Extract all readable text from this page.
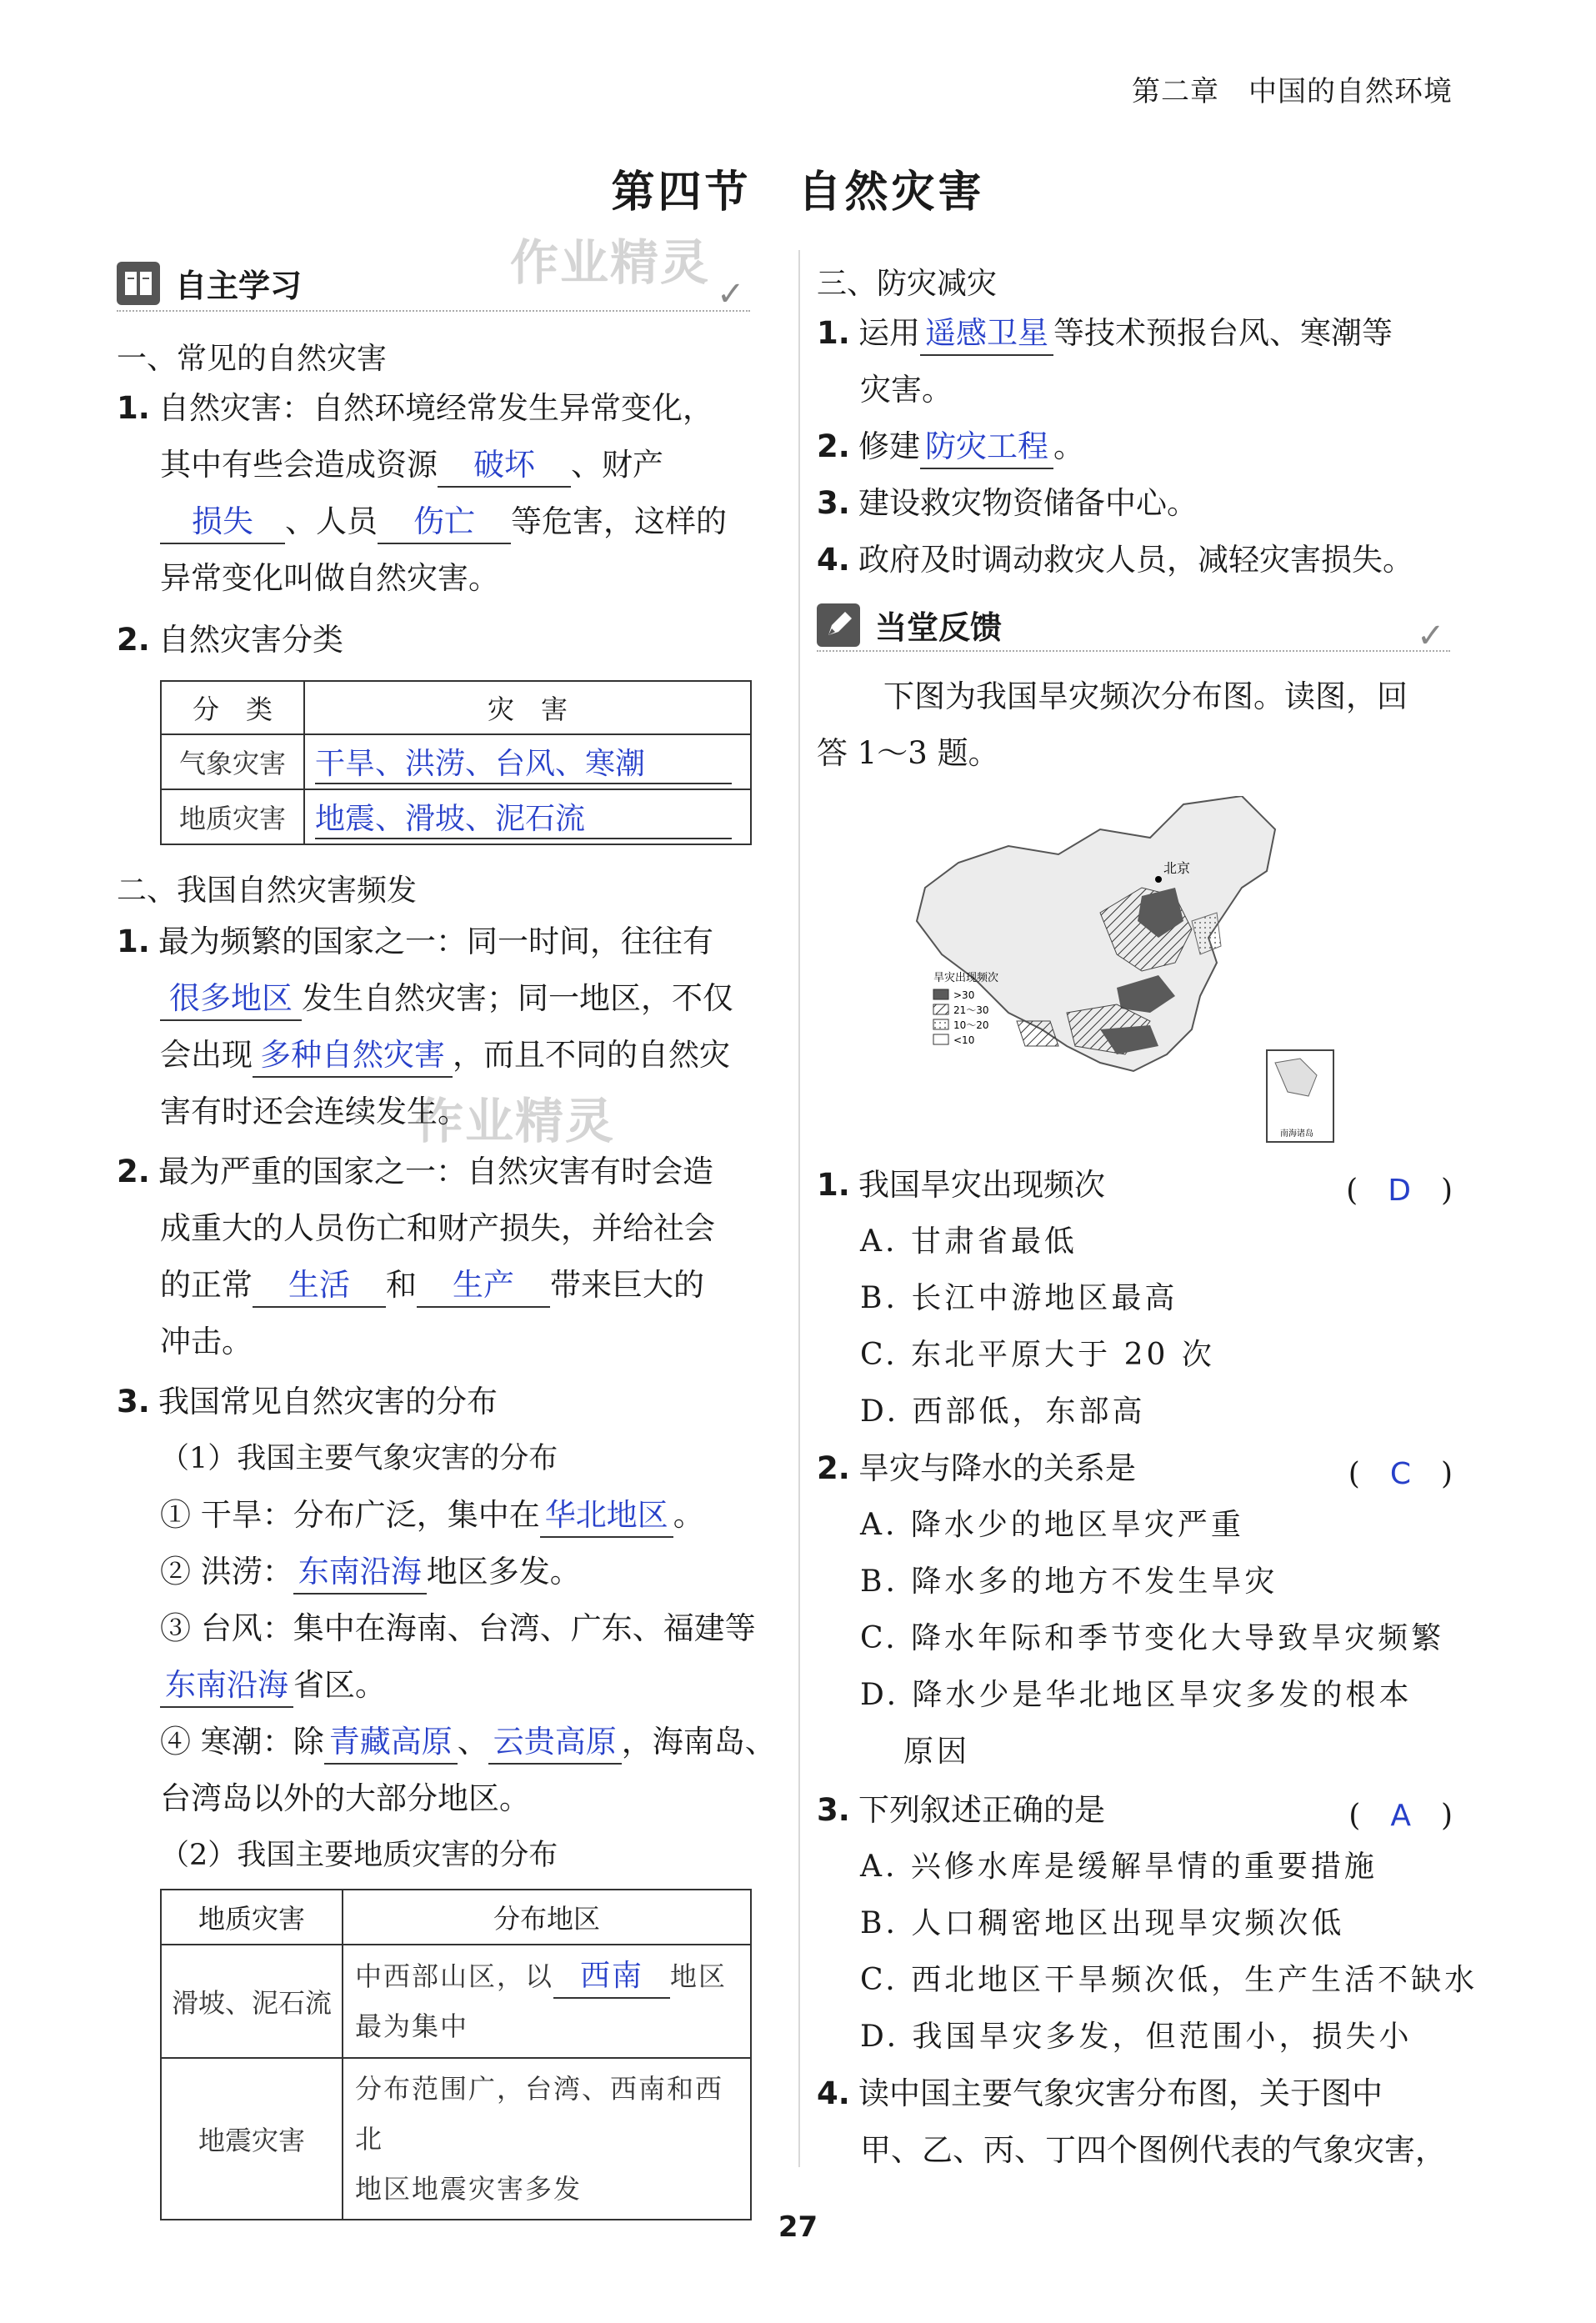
第二章　中国的自然环境
第四节　自然灾害
作业精灵
作业精灵
自主学习	✓
一、常见的自然灾害
1. 自然灾害：自然环境经常发生异常变化，
其中有些会造成资源 破坏 、财产
损失 、人员 伤亡 等危害，这样的
异常变化叫做自然灾害。
2. 自然灾害分类
分　类	灾　害
气象灾害	干旱、洪涝、台风、寒潮
地质灾害	地震、滑坡、泥石流
二、我国自然灾害频发
1. 最为频繁的国家之一：同一时间，往往有
很多地区 发生自然灾害；同一地区，不仅
会出现 多种自然灾害 ，而且不同的自然灾
害有时还会连续发生。
2. 最为严重的国家之一：自然灾害有时会造
成重大的人员伤亡和财产损失，并给社会
的正常 生活 和 生产 带来巨大的
冲击。
3. 我国常见自然灾害的分布
（1）我国主要气象灾害的分布
① 干旱：分布广泛，集中在 华北地区 。
② 洪涝： 东南沿海 地区多发。
③ 台风：集中在海南、台湾、广东、福建等
东南沿海 省区。
④ 寒潮：除 青藏高原 、 云贵高原 ，海南岛、
台湾岛以外的大部分地区。
（2）我国主要地质灾害的分布
地质灾害	分布地区
滑坡、泥石流	中西部山区，以 西南 地区
最为集中

地震灾害	分布范围广，台湾、西南和西北
地区地震灾害多发
三、防灾减灾
1. 运用 遥感卫星 等技术预报台风、寒潮等
灾害。
2. 修建 防灾工程 。
3. 建设救灾物资储备中心。
4. 政府及时调动救灾人员，减轻灾害损失。
当堂反馈	✓
下图为我国旱灾频次分布图。读图，回
答 1～3 题。
北京
旱灾出现频次
>30
21～30
10～20
<10
南海诸岛
1. 我国旱灾出现频次
A. 甘肃省最低
B. 长江中游地区最高
C. 东北平原大于 20 次
D. 西部低，东部高
(　D　)
2. 旱灾与降水的关系是
A. 降水少的地区旱灾严重
B. 降水多的地方不发生旱灾
C. 降水年际和季节变化大导致旱灾频繁
D. 降水少是华北地区旱灾多发的根本
原因
(　C　)
3. 下列叙述正确的是
A. 兴修水库是缓解旱情的重要措施
B. 人口稠密地区出现旱灾频次低
C. 西北地区干旱频次低，生产生活不缺水
D. 我国旱灾多发，但范围小，损失小
(　A　)
4. 读中国主要气象灾害分布图，关于图中
甲、乙、丙、丁四个图例代表的气象灾害，
27
